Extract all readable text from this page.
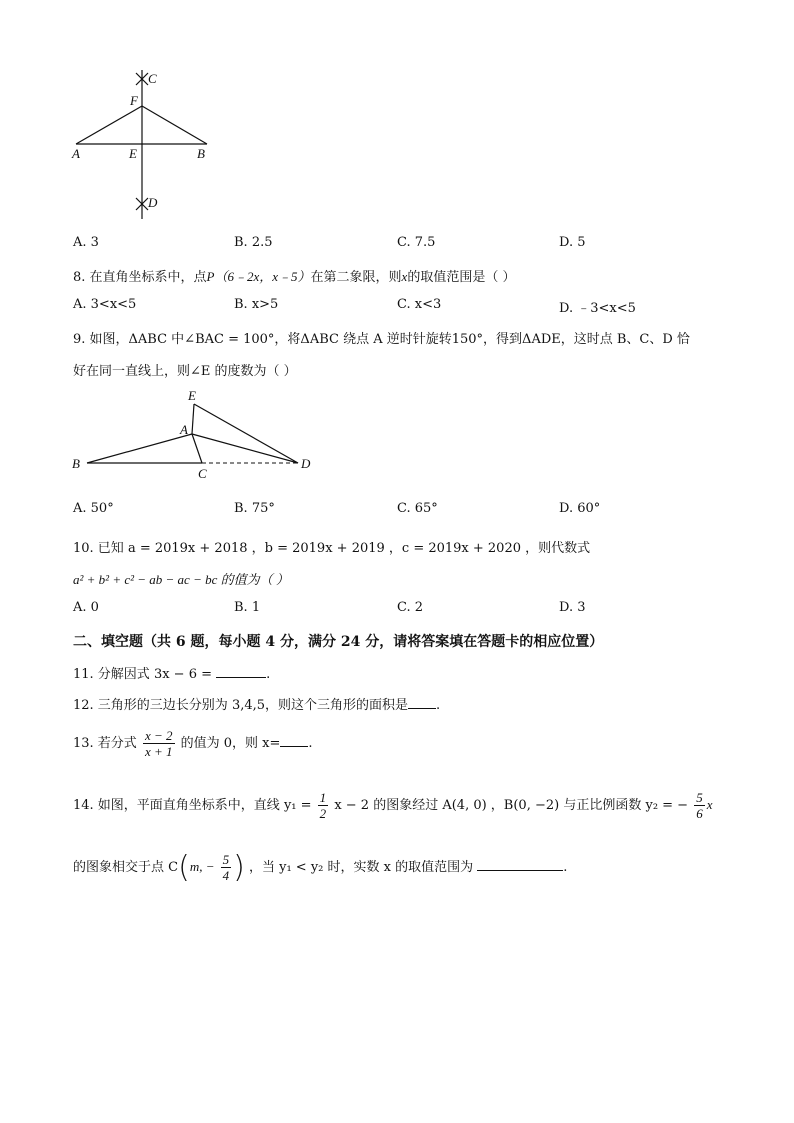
C
F
A	E	B
D
A. 3	B. 2.5	C. 7.5	D. 5
8. 在直角坐标系中，点P（6﹣2x，x﹣5）在第二象限，则x的取值范围是（ ）
A. 3<x<5	B. x>5	C. x<3	D. ﹣3<x<5
9. 如图，ΔABC 中∠BAC = 100°，将ΔABC 绕点 A 逆时针旋转150°，得到ΔADE，这时点 B、C、D 恰
好在同一直线上，则∠E 的度数为（ ）
E
A
B
C
D
A. 50°	B. 75°	C. 65°	D. 60°
10. 已知 a = 2019x + 2018 ，b = 2019x + 2019 ，c = 2019x + 2020 ，则代数式
a² + b² + c² − ab − ac − bc 的值为（ ）
A. 0	B. 1	C. 2	D. 3
二、填空题（共 6 题，每小题 4 分，满分 24 分，请将答案填在答题卡的相应位置）
11. 分解因式 3x − 6 =	.
12. 三角形的三边长分别为 3,4,5，则这个三角形的面积是 .
13. 若分式 $\frac{x - 2}{x + 1}$ 的值为 0，则 x= .
14. 如图，平面直角坐标系中，直线 $y_1 = \frac{1}{2}$ x − 2 的图象经过 A(4, 0) ，B(0, −2) 与正比例函数 y₂ = − $\frac{5}{6}$ x
的图象相交于点 C(m, − $\frac{5}{4}$ ) ，当 y₁ < y₂ 时，实数 x 的取值范围为	.
